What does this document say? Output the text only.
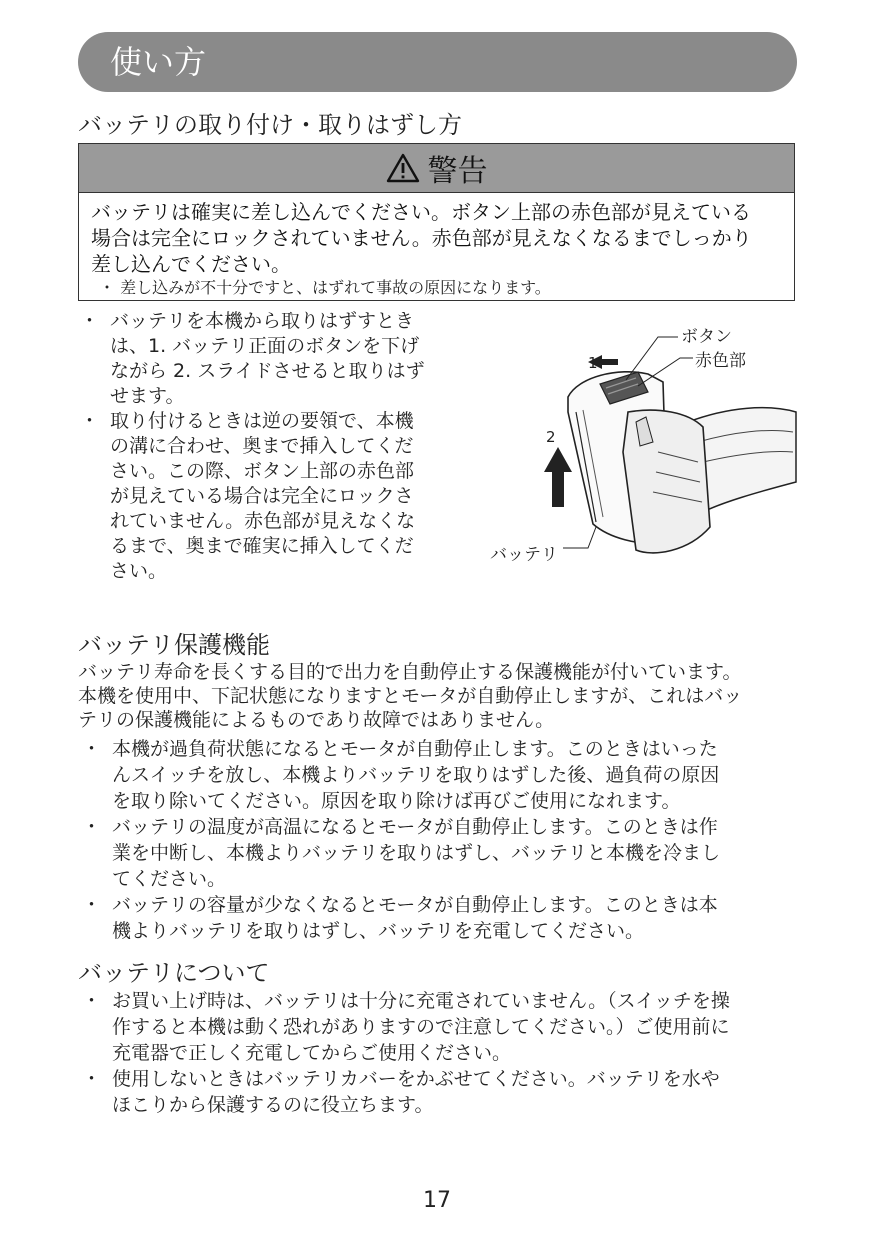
使い方
バッテリの取り付け・取りはずし方
警告
バッテリは確実に差し込んでください。ボタン上部の赤色部が見えている
場合は完全にロックされていません。赤色部が見えなくなるまでしっかり
差し込んでください。
・ 差し込みが不十分ですと、はずれて事故の原因になります。
・ バッテリを本機から取りはずすとき
は、1. バッテリ正面のボタンを下げ
ながら 2. スライドさせると取りはず
せます。
・ 取り付けるときは逆の要領で、本機
の溝に合わせ、奥まで挿入してくだ
さい。この際、ボタン上部の赤色部
が見えている場合は完全にロックさ
れていません。赤色部が見えなくな
るまで、奥まで確実に挿入してくだ
さい。
ボタン
赤色部
バッテリ
1
2
バッテリ保護機能
バッテリ寿命を長くする目的で出力を自動停止する保護機能が付いています。
本機を使用中、下記状態になりますとモータが自動停止しますが、これはバッ
テリの保護機能によるものであり故障ではありません。
・ 本機が過負荷状態になるとモータが自動停止します。このときはいった
んスイッチを放し、本機よりバッテリを取りはずした後、過負荷の原因
を取り除いてください。原因を取り除けば再びご使用になれます。
・ バッテリの温度が高温になるとモータが自動停止します。このときは作
業を中断し、本機よりバッテリを取りはずし、バッテリと本機を冷まし
てください。
・ バッテリの容量が少なくなるとモータが自動停止します。このときは本
機よりバッテリを取りはずし、バッテリを充電してください。
バッテリについて
・ お買い上げ時は、バッテリは十分に充電されていません。（スイッチを操
作すると本機は動く恐れがありますので注意してください。）ご使用前に
充電器で正しく充電してからご使用ください。
・ 使用しないときはバッテリカバーをかぶせてください。バッテリを水や
ほこりから保護するのに役立ちます。
17
